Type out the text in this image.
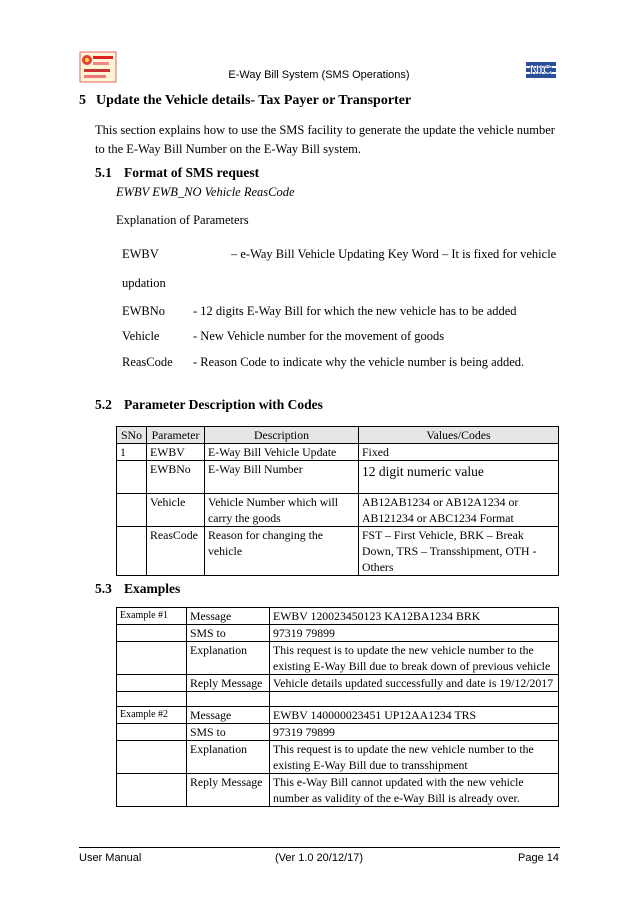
E-Way Bill System (SMS Operations)	NIC
5 Update the Vehicle details- Tax Payer or Transporter
This section explains how to use the SMS facility to generate the update the vehicle number to the E-Way Bill Number on the E-Way Bill system.
5.1 Format of SMS request
EWBV EWB_NO Vehicle ReasCode
Explanation of Parameters
EWBV	– e-Way Bill Vehicle Updating Key Word – It is fixed for vehicle
updation
EWBNo - 12 digits E-Way Bill for which the new vehicle has to be added
Vehicle	- New Vehicle number for the movement of goods
ReasCode - Reason Code to indicate why the vehicle number is being added.
5.2 Parameter Description with Codes
SNo	Parameter	Description	Values/Codes
1	EWBV	E-Way Bill Vehicle Update	Fixed
	EWBNo	E-Way Bill Number	12 digit numeric value
	Vehicle	Vehicle Number which will carry the goods	AB12AB1234 or AB12A1234 or AB121234 or ABC1234 Format
	ReasCode	Reason for changing the vehicle	FST – First Vehicle, BRK – Break Down, TRS – Transshipment, OTH - Others
5.3 Examples
Example #1	Message	EWBV 120023450123 KA12BA1234 BRK
	SMS to	97319 79899
	Explanation	This request is to update the new vehicle number to the existing E-Way Bill due to break down of previous vehicle
	Reply Message	Vehicle details updated successfully and date is 19/12/2017

Example #2	Message	EWBV 140000023451 UP12AA1234 TRS
	SMS to	97319 79899
	Explanation	This request is to update the new vehicle number to the existing E-Way Bill due to transshipment
	Reply Message	This e-Way Bill cannot updated with the new vehicle number as validity of the e-Way Bill is already over.
User Manual	(Ver 1.0 20/12/17)	Page 14
